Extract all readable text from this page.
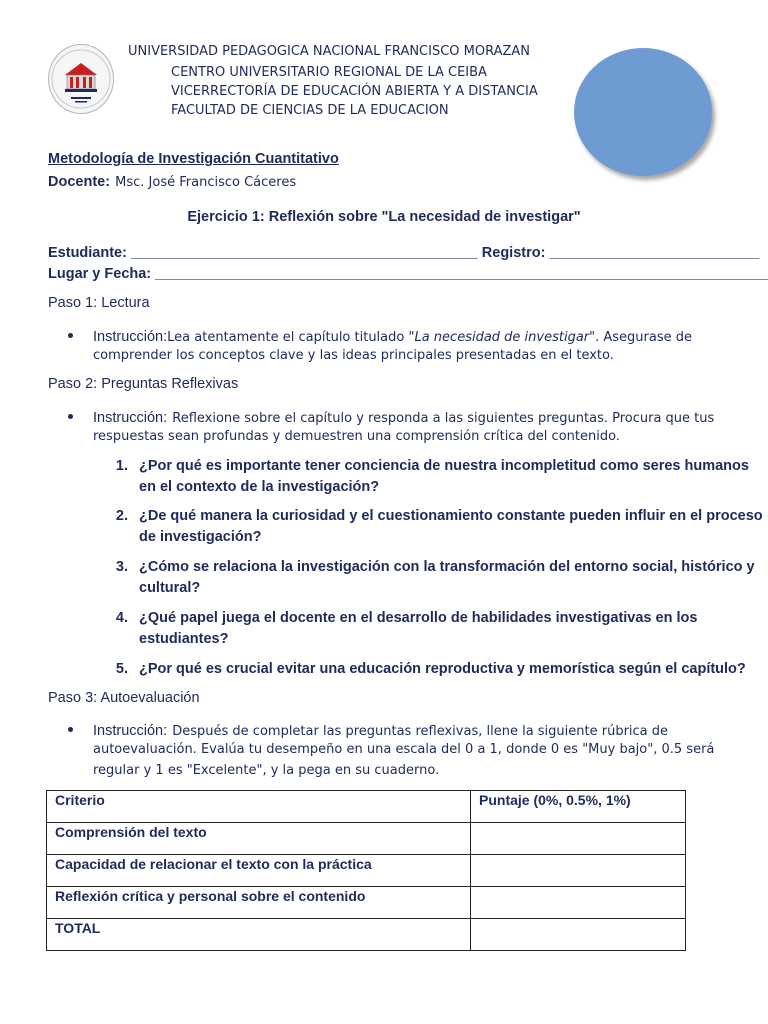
UNIVERSIDAD PEDAGOGICA NACIONAL FRANCISCO MORAZAN
CENTRO UNIVERSITARIO REGIONAL DE LA CEIBA
VICERRECTORÍA DE EDUCACIÓN ABIERTA Y A DISTANCIA
FACULTAD DE CIENCIAS DE LA EDUCACION
Metodología de Investigación Cuantitativo
Docente: Msc. José Francisco Cáceres
Ejercicio 1: Reflexión sobre "La necesidad de investigar"
Estudiante: ___________________________________________ Registro: __________________________
Lugar y Fecha: ____________________________________________________________________________
Paso 1: Lectura
Instrucción:Lea atentamente el capítulo titulado "La necesidad de investigar". Asegurase de
comprender los conceptos clave y las ideas principales presentadas en el texto.
Paso 2: Preguntas Reflexivas
Instrucción: Reflexione sobre el capítulo y responda a las siguientes preguntas. Procura que tus
respuestas sean profundas y demuestren una comprensión crítica del contenido.
1. ¿Por qué es importante tener conciencia de nuestra incompletitud como seres humanos
en el contexto de la investigación?
2. ¿De qué manera la curiosidad y el cuestionamiento constante pueden influir en el proceso
de investigación?
3. ¿Cómo se relaciona la investigación con la transformación del entorno social, histórico y
cultural?
4. ¿Qué papel juega el docente en el desarrollo de habilidades investigativas en los
estudiantes?
5. ¿Por qué es crucial evitar una educación reproductiva y memorística según el capítulo?
Paso 3: Autoevaluación
Instrucción: Después de completar las preguntas reflexivas, llene la siguiente rúbrica de
autoevaluación. Evalúa tu desempeño en una escala del 0 a 1, donde 0 es "Muy bajo", 0.5 será
regular y 1 es "Excelente", y la pega en su cuaderno.
Criterio	Puntaje (0%, 0.5%, 1%)
Comprensión del texto	
Capacidad de relacionar el texto con la práctica	
Reflexión crítica y personal sobre el contenido	
TOTAL	
